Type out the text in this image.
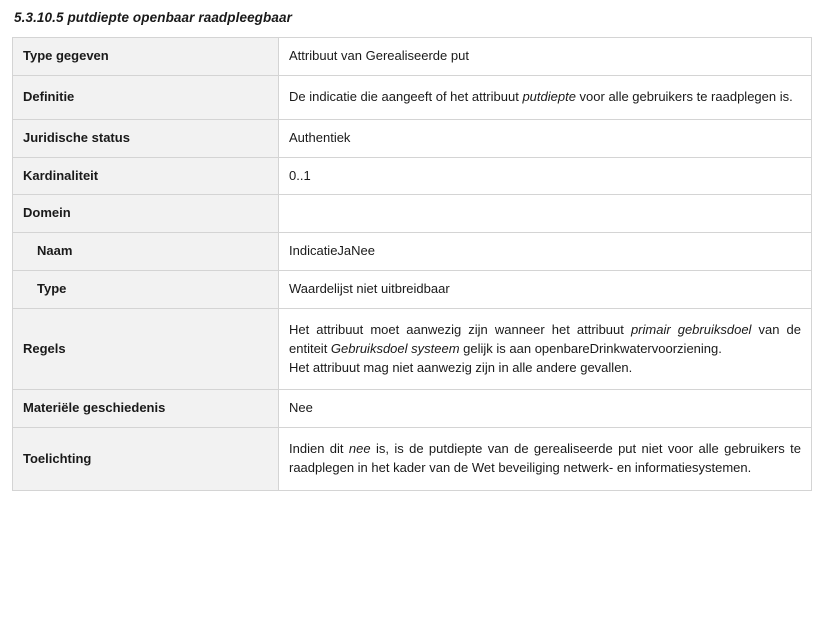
5.3.10.5 putdiepte openbaar raadpleegbaar
Type gegeven	Attribuut van Gerealiseerde put
Definitie	De indicatie die aangeeft of het attribuut putdiepte voor alle gebruikers te raadplegen is.
Juridische status	Authentiek
Kardinaliteit	0..1
Domein	
Naam	IndicatieJaNee
Type	Waardelijst niet uitbreidbaar
Regels	Het attribuut moet aanwezig zijn wanneer het attribuut primair gebruiksdoel van de entiteit Gebruiksdoel systeem gelijk is aan openbareDrinkwatervoorziening.
Het attribuut mag niet aanwezig zijn in alle andere gevallen.
Materiële geschiedenis	Nee
Toelichting	Indien dit nee is, is de putdiepte van de gerealiseerde put niet voor alle gebruikers te raadplegen in het kader van de Wet beveiliging netwerk- en informatiesystemen.
